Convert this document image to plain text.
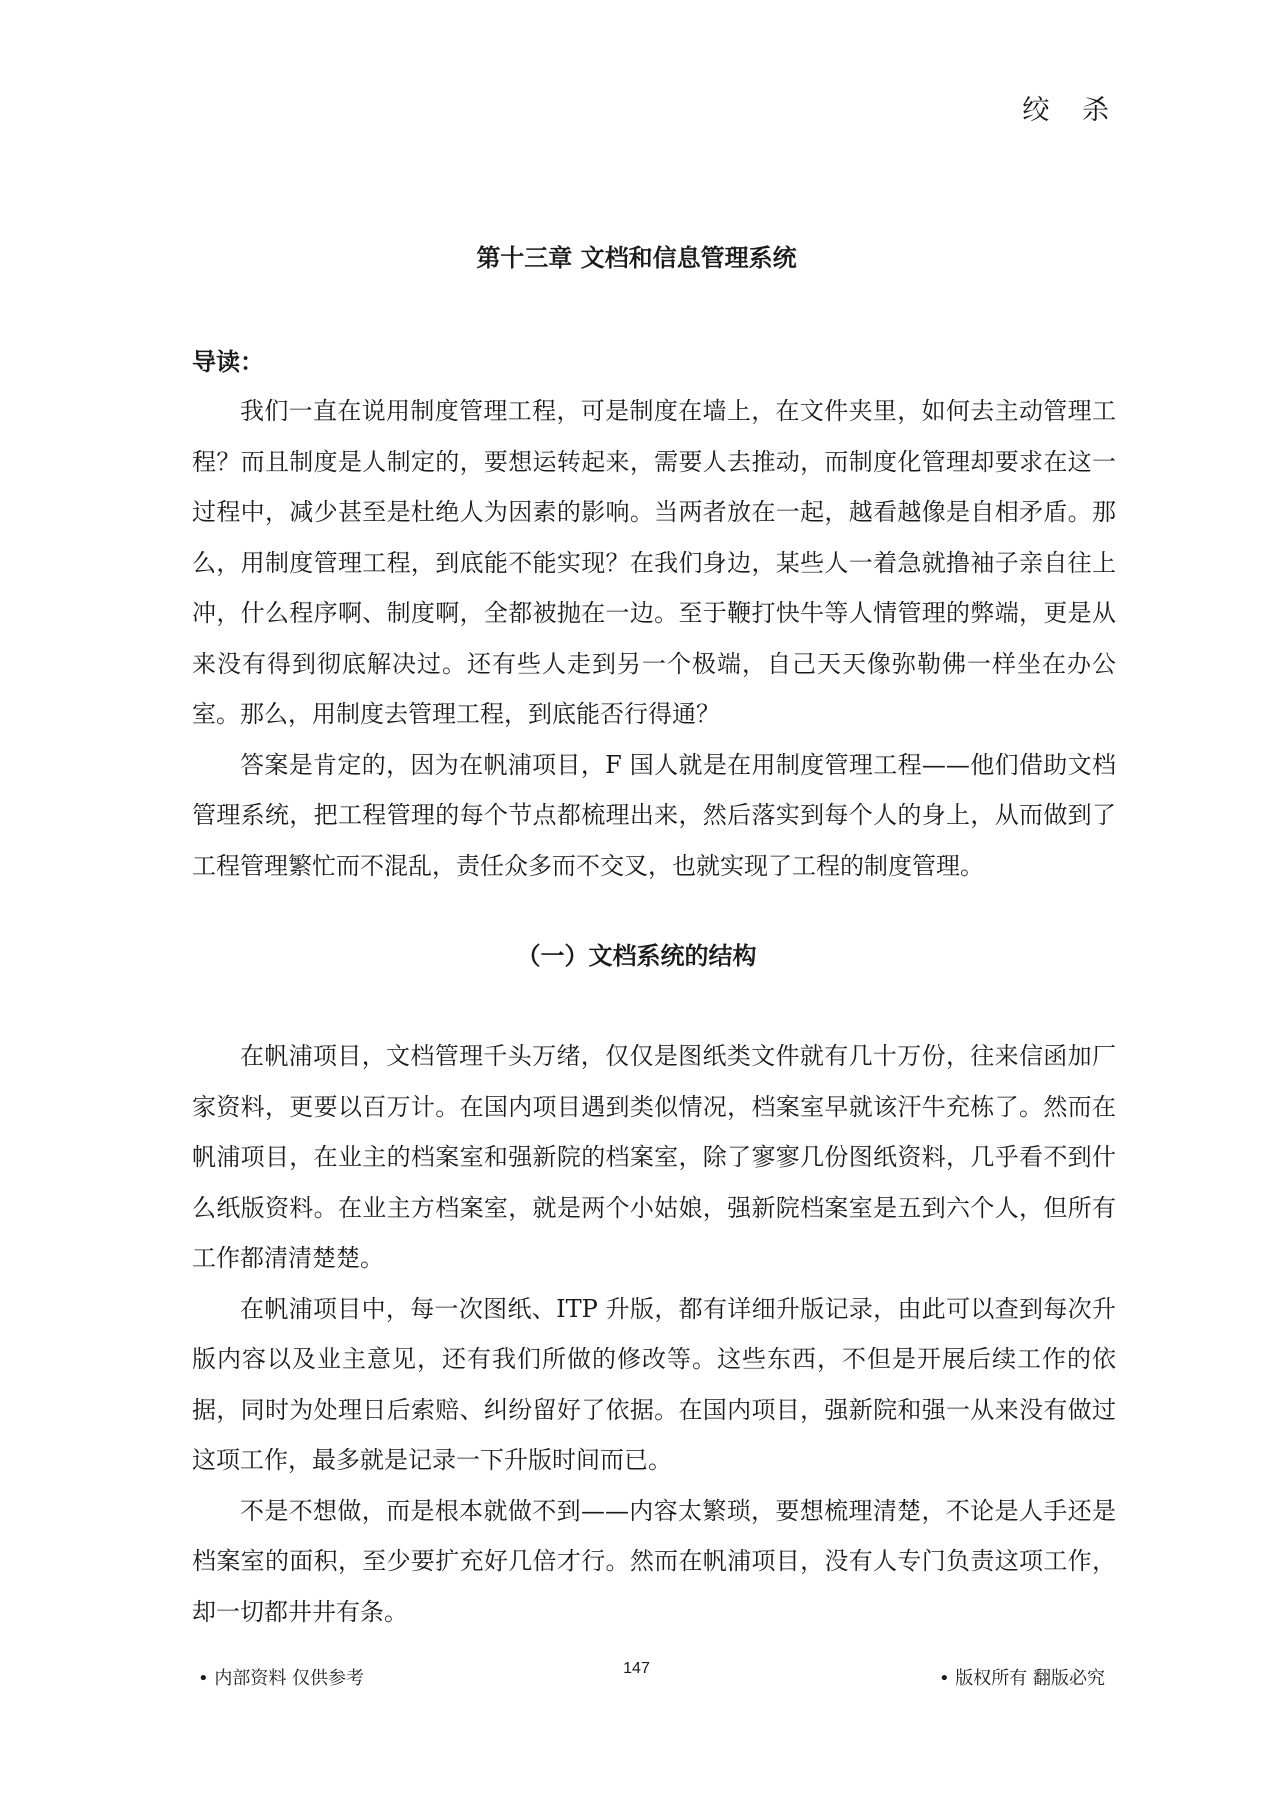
绞 杀
第十三章 文档和信息管理系统
导读：

我们一直在说用制度管理工程，可是制度在墙上，在文件夹里，如何去主动管理工程？而且制度是人制定的，要想运转起来，需要人去推动，而制度化管理却要求在这一过程中，减少甚至是杜绝人为因素的影响。当两者放在一起，越看越像是自相矛盾。那么，用制度管理工程，到底能不能实现？在我们身边，某些人一着急就撸袖子亲自往上冲，什么程序啊、制度啊，全都被抛在一边。至于鞭打快牛等人情管理的弊端，更是从来没有得到彻底解决过。还有些人走到另一个极端，自己天天像弥勒佛一样坐在办公室。那么，用制度去管理工程，到底能否行得通？

答案是肯定的，因为在帆浦项目，F 国人就是在用制度管理工程——他们借助文档管理系统，把工程管理的每个节点都梳理出来，然后落实到每个人的身上，从而做到了工程管理繁忙而不混乱，责任众多而不交叉，也就实现了工程的制度管理。

（一）文档系统的结构

在帆浦项目，文档管理千头万绪，仅仅是图纸类文件就有几十万份，往来信函加厂家资料，更要以百万计。在国内项目遇到类似情况，档案室早就该汗牛充栋了。然而在帆浦项目，在业主的档案室和强新院的档案室，除了寥寥几份图纸资料，几乎看不到什么纸版资料。在业主方档案室，就是两个小姑娘，强新院档案室是五到六个人，但所有工作都清清楚楚。

在帆浦项目中，每一次图纸、ITP 升版，都有详细升版记录，由此可以查到每次升版内容以及业主意见，还有我们所做的修改等。这些东西，不但是开展后续工作的依据，同时为处理日后索赔、纠纷留好了依据。在国内项目，强新院和强一从来没有做过这项工作，最多就是记录一下升版时间而已。

不是不想做，而是根本就做不到——内容太繁琐，要想梳理清楚，不论是人手还是档案室的面积，至少要扩充好几倍才行。然而在帆浦项目，没有人专门负责这项工作，却一切都井井有条。

• 内部资料 仅供参考	147	• 版权所有 翻版必究
